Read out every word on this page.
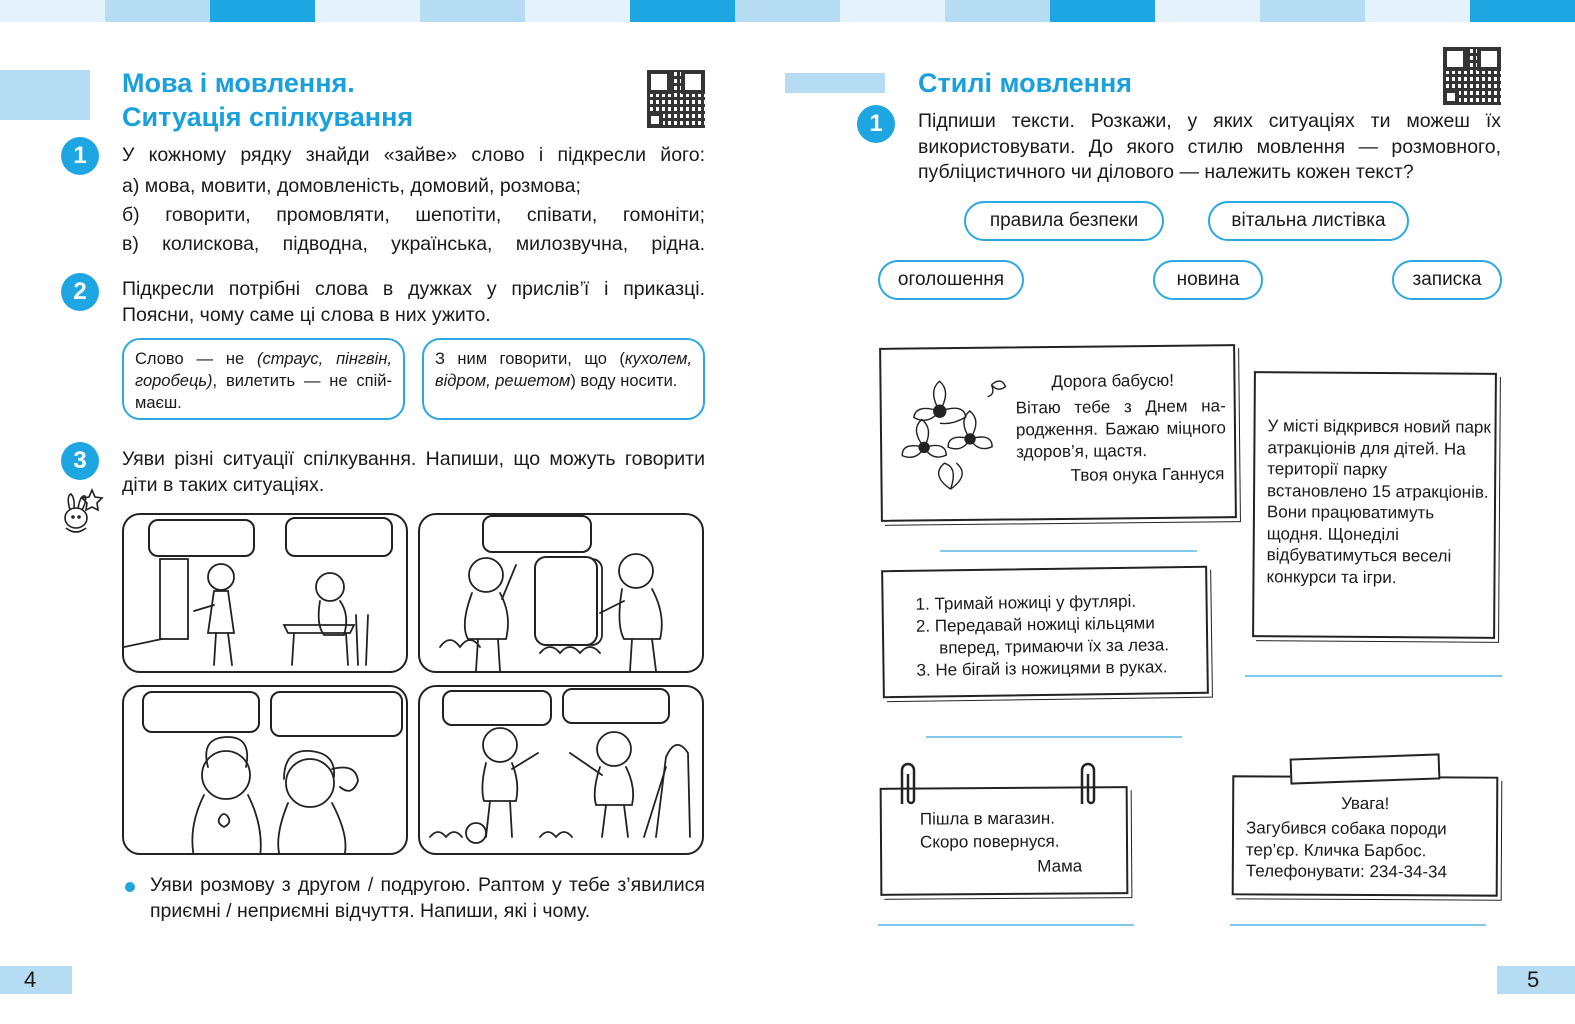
Мова і мовлення.
Ситуація спілкування
1	У кожному рядку знайди «зайве» слово і підкресли його:
а) мова, мовити, домовленість, домовий, розмова;
б) говорити, промовляти, шепотіти, співати, гомоніти;
в) колискова, підводна, українська, милозвучна, рідна.
2	Підкресли потрібні слова в дужках у прислів’ї і приказці. Поясни, чому саме ці слова в них ужито.
Слово — не (страус, пінгвін, горобець), вилетить — не спіймаєш.
З ним говорити, що (кухолем, відром, решетом) воду носити.
3	Уяви різні ситуації спілкування. Напиши, що можуть говорити діти в таких ситуаціях.
Уяви розмову з другом / подругою. Раптом у тебе з’явилися приємні / неприємні відчуття. Напиши, які і чому.
4
Стилі мовлення
1	Підпиши тексти. Розкажи, у яких ситуаціях ти можеш їх використовувати. До якого стилю мовлення — розмовного, публіцистичного чи ділового — належить кожен текст?
правила безпеки	вітальна листівка
оголошення	новина	записка
Дорога бабусю!
Вітаю тебе з Днем народження. Бажаю міцного здоров’я, щастя.
Твоя онука Ганнуся
У місті відкрився новий парк атракціонів для дітей. На території парку встановлено 15 атракціонів. Вони працюватимуть щодня. Щонеділі відбуватимуться веселі конкурси та ігри.
1. Тримай ножиці у футлярі.
2. Передавай ножиці кільцями вперед, тримаючи їх за леза.
3. Не бігай із ножицями в руках.
Пішла в магазин.
Скоро повернуся.
Мама
Увага!
Загубився собака породи тер’єр. Кличка Барбос. Телефонувати: 234-34-34
5
